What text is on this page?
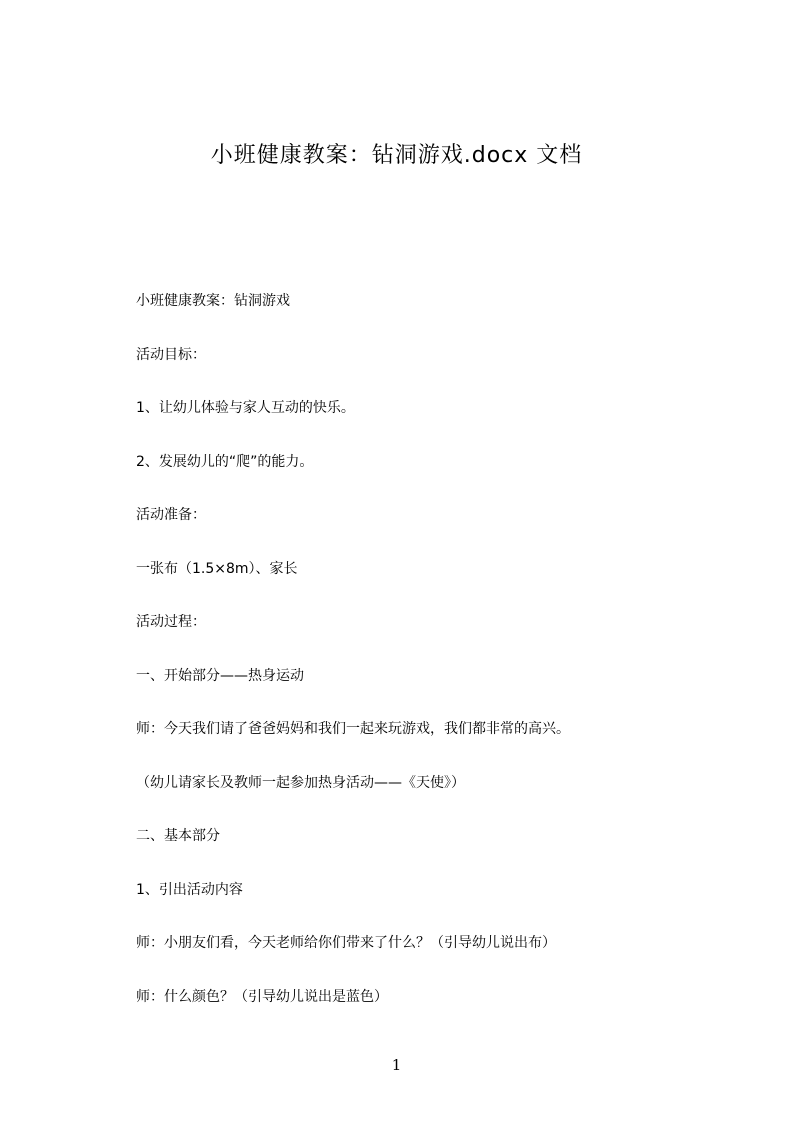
小班健康教案：钻洞游戏.docx 文档
小班健康教案：钻洞游戏
活动目标：
1、让幼儿体验与家人互动的快乐。
2、发展幼儿的“爬”的能力。
活动准备：
一张布（1.5×8m）、家长
活动过程：
一、开始部分——热身运动
师：今天我们请了爸爸妈妈和我们一起来玩游戏，我们都非常的高兴。
（幼儿请家长及教师一起参加热身活动——《天使》）
二、基本部分
1、引出活动内容
师：小朋友们看，今天老师给你们带来了什么？（引导幼儿说出布）
师：什么颜色？（引导幼儿说出是蓝色）
1
